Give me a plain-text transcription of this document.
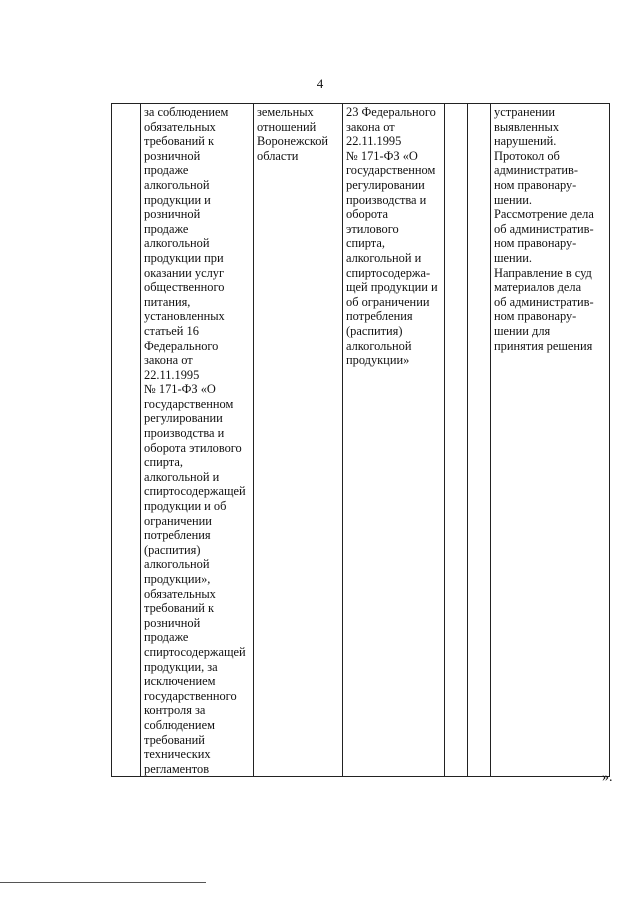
4
	за соблюдением
обязательных
требований к
розничной
продаже
алкогольной
продукции и
розничной
продаже
алкогольной
продукции при
оказании услуг
общественного
питания,
установленных
статьей 16
Федерального
закона от
22.11.1995
№ 171-ФЗ «О
государственном
регулировании
производства и
оборота этилового
спирта,
алкогольной и
спиртосодержащей
продукции и об
ограничении
потребления
(распития)
алкогольной
продукции»,
обязательных
требований к
розничной
продаже
спиртосодержащей
продукции, за
исключением
государственного
контроля за
соблюдением
требований
технических
регламентов	земельных
отношений
Воронежской
области	23 Федерального
закона от
22.11.1995
№ 171-ФЗ «О
государственном
регулировании
производства и
оборота
этилового
спирта,
алкогольной и
спиртосодержа-
щей продукции и
об ограничении
потребления
(распития)
алкогольной
продукции»			устранении
выявленных
нарушений.
Протокол об
административ-
ном правонару-
шении.
Рассмотрение дела
об административ-
ном правонару-
шении.
Направление в суд
материалов дела
об административ-
ном правонару-
шении для
принятия решения
».
